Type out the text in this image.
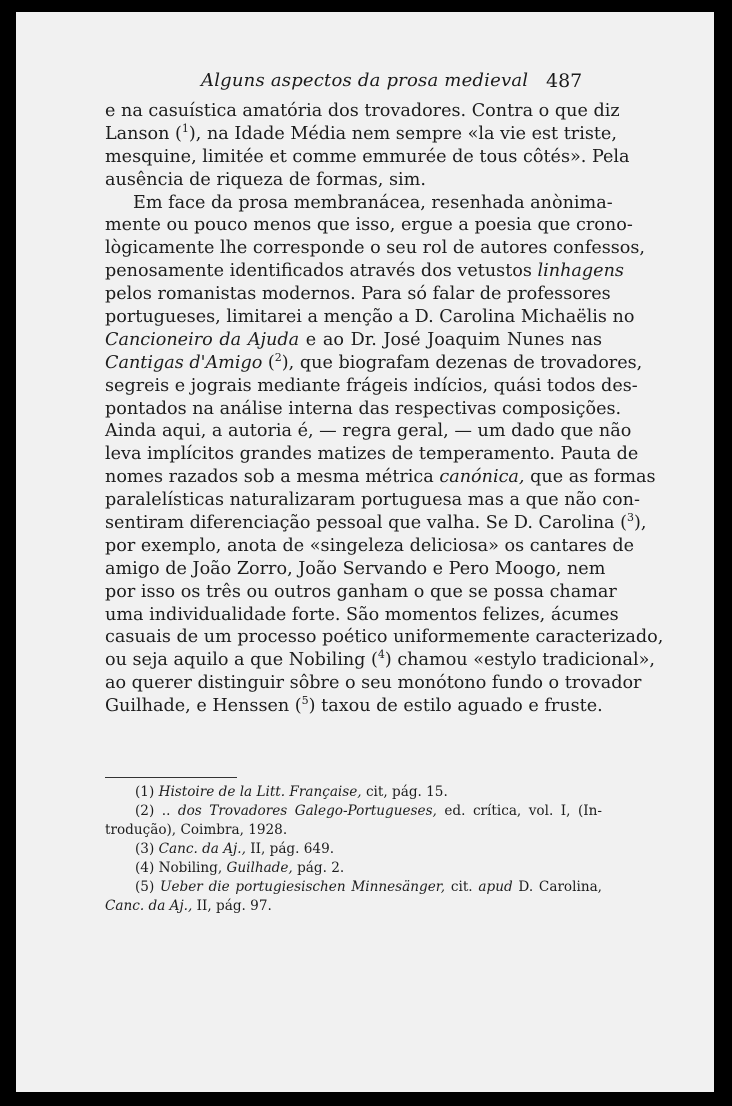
Alguns aspectos da prosa medieval 487
e na casuística amatória dos trovadores. Contra o que diz
Lanson ($^1$), na Idade Média nem sempre «la vie est triste,
mesquine, limitée et comme emmurée de tous côtés». Pela
ausência de riqueza de formas, sim.
Em face da prosa membranácea, resenhada anònima-
mente ou pouco menos que isso, ergue a poesia que crono-
lògicamente lhe corresponde o seu rol de autores confessos,
penosamente identificados através dos vetustos linhagens
pelos romanistas modernos. Para só falar de professores
portugueses, limitarei a menção a D. Carolina Michaëlis no
Cancioneiro da Ajuda e ao Dr. José Joaquim Nunes nas
Cantigas d'Amigo ($^2$), que biografam dezenas de trovadores,
segreis e jograis mediante frágeis indícios, quási todos des-
pontados na análise interna das respectivas composições.
Ainda aqui, a autoria é, — regra geral, — um dado que não
leva implícitos grandes matizes de temperamento. Pauta de
nomes razados sob a mesma métrica canónica, que as formas
paralelísticas naturalizaram portuguesa mas a que não con-
sentiram diferenciação pessoal que valha. Se D. Carolina ($^3$),
por exemplo, anota de «singeleza deliciosa» os cantares de
amigo de João Zorro, João Servando e Pero Moogo, nem
por isso os três ou outros ganham o que se possa chamar
uma individualidade forte. São momentos felizes, ácumes
casuais de um processo poético uniformemente caracterizado,
ou seja aquilo a que Nobiling ($^4$) chamou «estylo tradicional»,
ao querer distinguir sôbre o seu monótono fundo o trovador
Guilhade, e Henssen ($^5$) taxou de estilo aguado e fruste.
(1) Histoire de la Litt. Française, cit, pág. 15.
(2) .. dos Trovadores Galego-Portugueses, ed. crítica, vol. I, (In-
trodução), Coimbra, 1928.
(3) Canc. da Aj., II, pág. 649.
(4) Nobiling, Guilhade, pág. 2.
(5) Ueber die portugiesischen Minnesänger, cit. apud D. Carolina,
Canc. da Aj., II, pág. 97.
